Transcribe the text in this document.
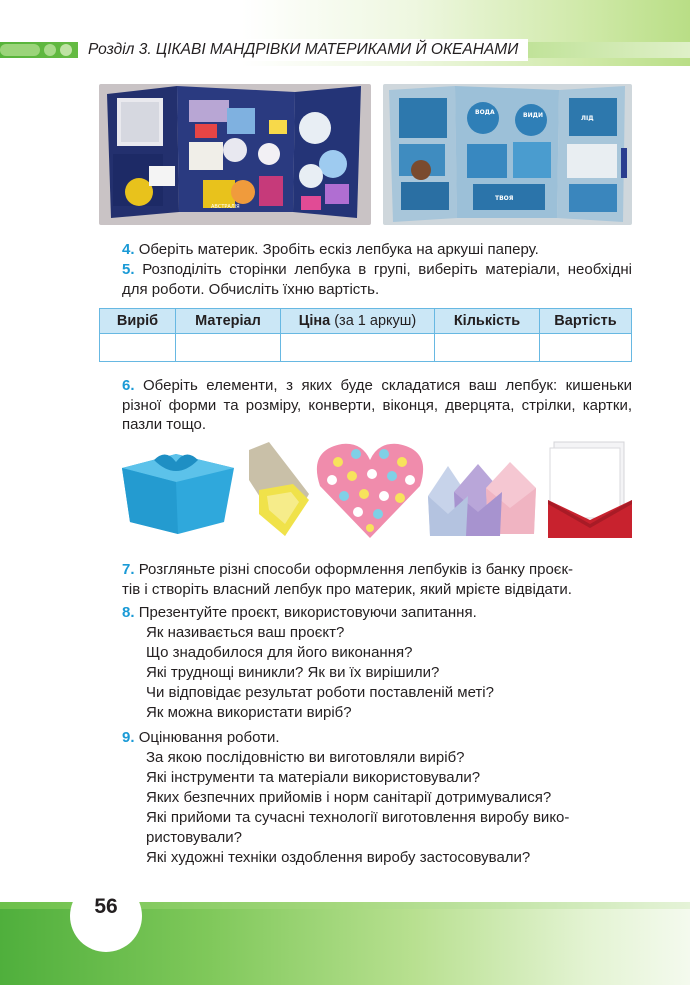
Розділ 3. ЦІКАВІ МАНДРІВКИ МАТЕРИКАМИ Й ОКЕАНАМИ
АВСТРАЛІЯ
ВОДА	ВИДИ
ТВОЯ
ЛІД

4. Оберіть материк. Зробіть ескіз лепбука на аркуші паперу.

5. Розподіліть сторінки лепбука в групі, виберіть матеріали, необхідні для роботи. Обчисліть їхню вартість.

Виріб	Матеріал	Ціна (за 1 аркуш)	Кількість	Вартість

6. Оберіть елементи, з яких буде складатися ваш лепбук: кишеньки різної форми та розміру, конверти, віконця, дверцята, стрілки, картки, пазли тощо.

7. Розгляньте різні способи оформлення лепбуків із банку проєк-
тів і створіть власний лепбук про материк, який мрієте відвідати.
8. Презентуйте проєкт, використовуючи запитання.
Як називається ваш проєкт?
Що знадобилося для його виконання?
Які труднощі виникли? Як ви їх вирішили?
Чи відповідає результат роботи поставленій меті?
Як можна використати виріб?
9. Оцінювання роботи.
За якою послідовністю ви виготовляли виріб?
Які інструменти та матеріали використовували?
Яких безпечних прийомів і норм санітарії дотримувалися?
Які прийоми та сучасні технології виготовлення виробу вико-
ристовували?
Які художні техніки оздоблення виробу застосовували?
56
